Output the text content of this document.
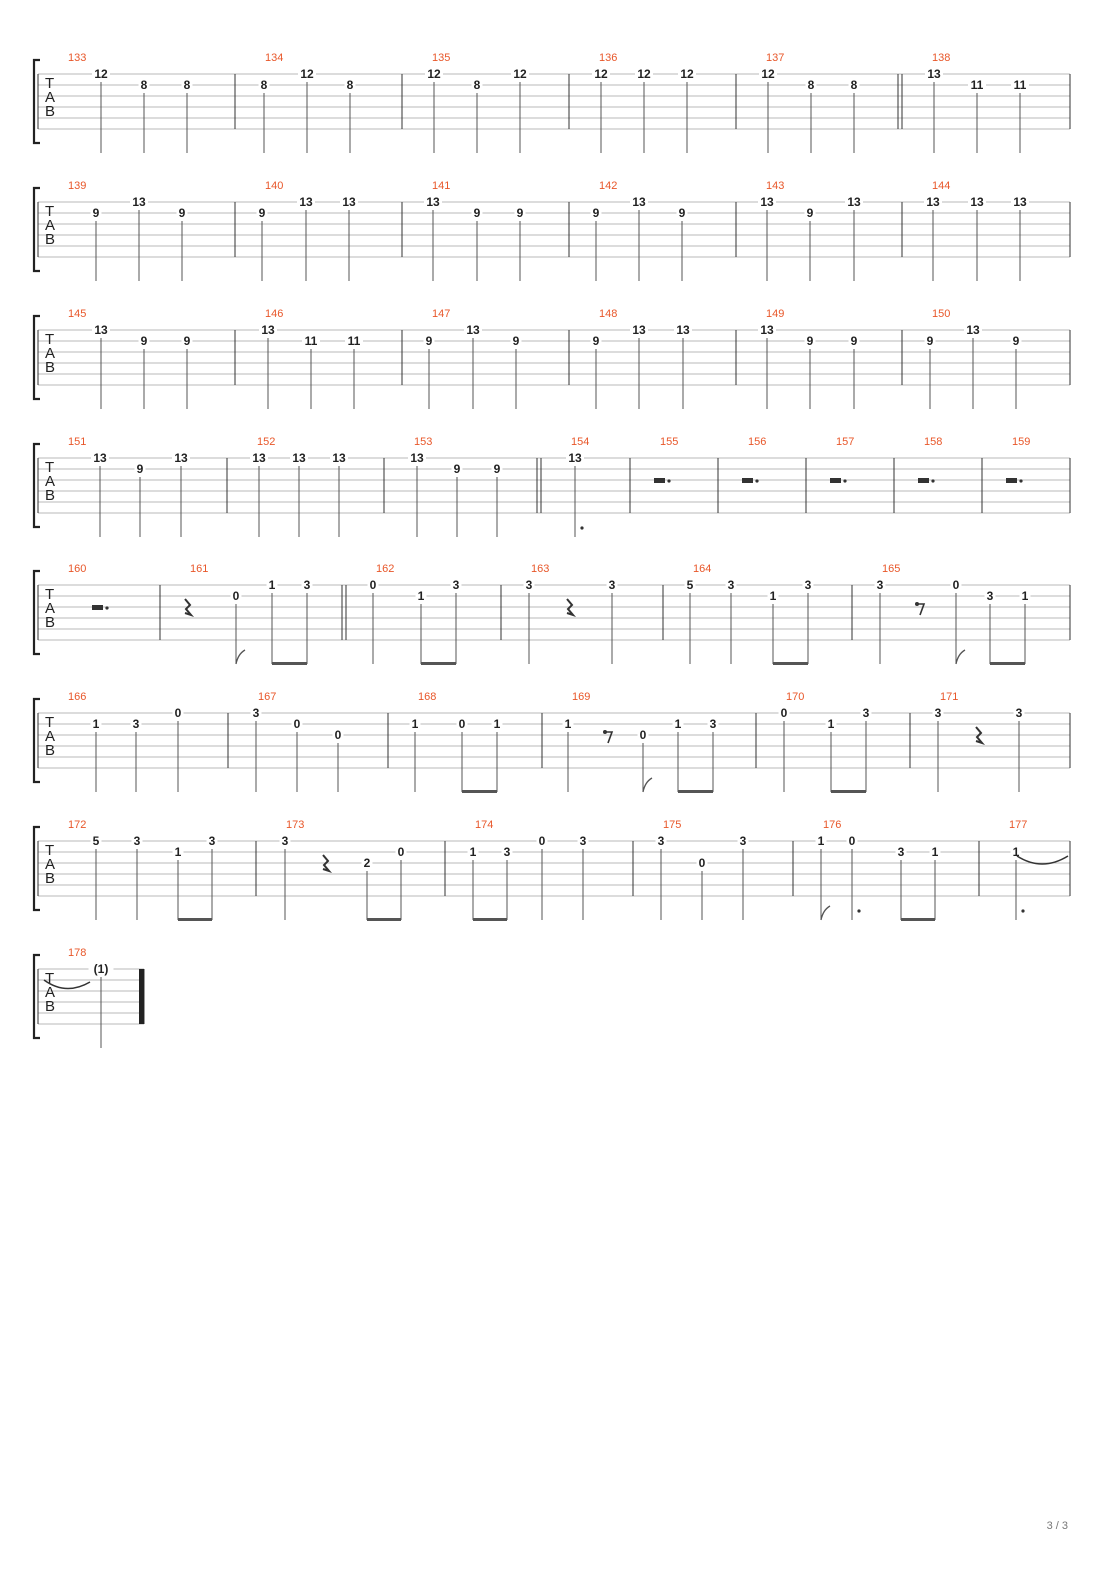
T
A
B
133
12
8	8
134
8
12
8
135
12
8
12
136
12 12 12
137
12
8	8
138
13
11	11
T
A
B
139
9
13
9
140
9
13 13
141
13
9	9
142
9
13
9
143
13
9
13
144
13	13 13
T
A
B
145
13
9	9
146
13
11	11
147
9
13
9
148
9
13	13
149
13
9	9
150
9
13
9
T
A
B
151
13
9
13
152
13 13 13
153
13
9	9
154
13
155	156	157	158	159
T
A
B
160	161
0
1 3
162
0
1
3
163
3	3
164
5	3
1
3
165
3	0
3 1
T
A
B
166
1	3
0
167
3
0
0
168
1	0 1
169
1
0
1 3
170
0
1
3
171
3	3
T
A
B
172
5	3
1
3
173
3
2
0
174
1 3
0	3
175
3
0
3
176
1 0
3 1
177
1
T
A
B
178
(1)
3 / 3
